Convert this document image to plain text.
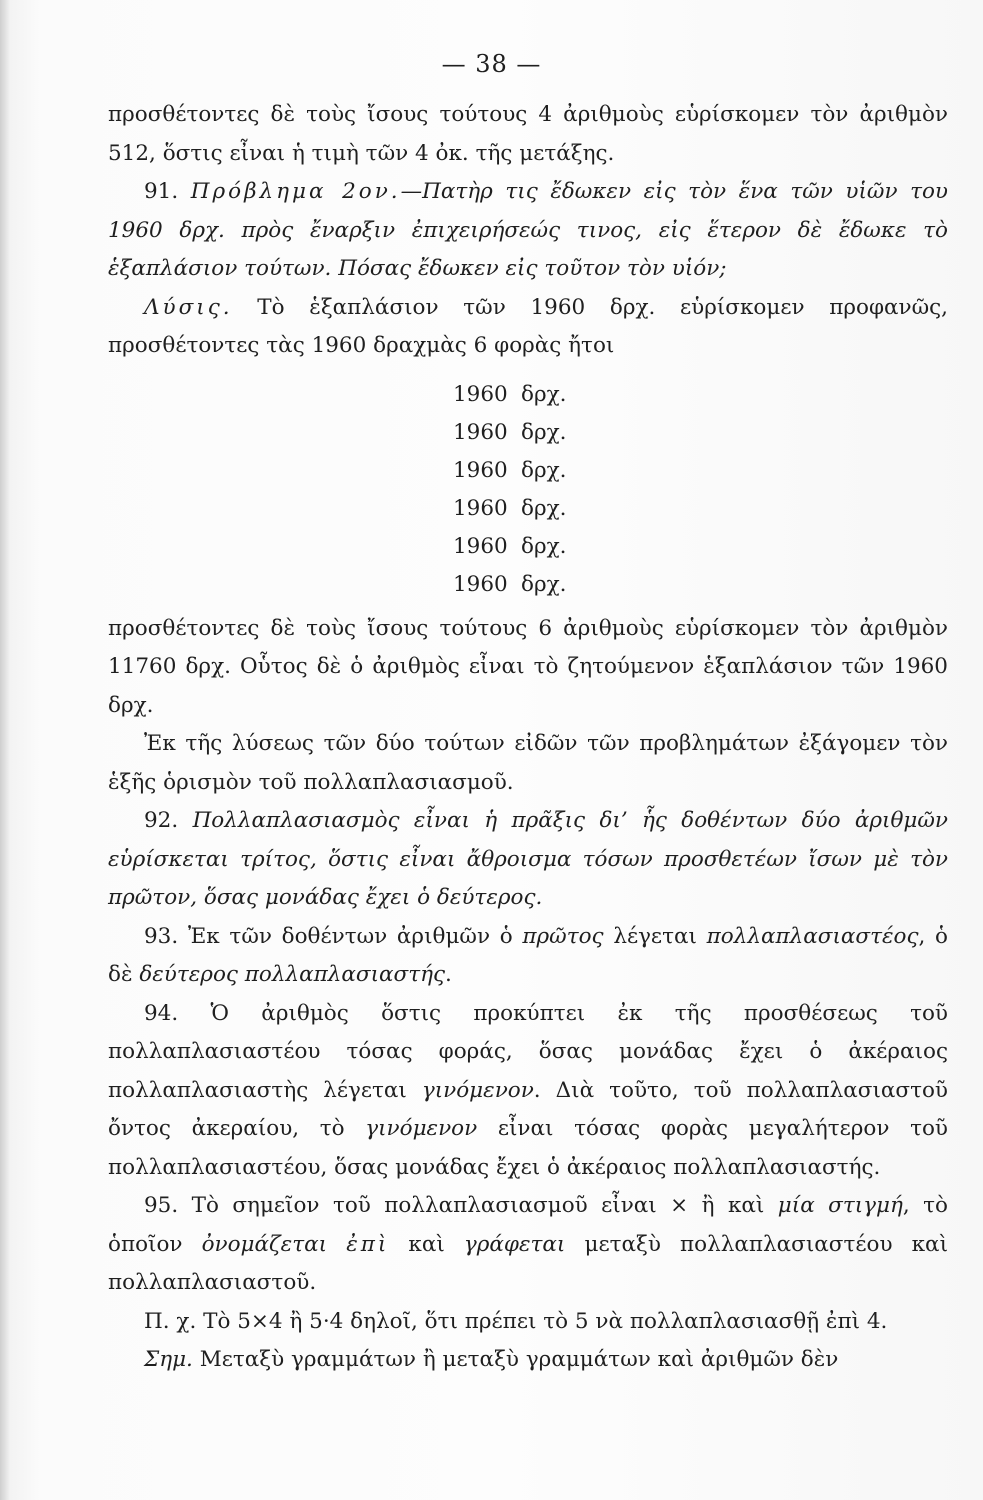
— 38 —

προσθέτοντες δὲ τοὺς ἴσους τούτους 4 ἀριθμοὺς εὑρίσκομεν τὸν ἀριθμὸν 512, ὅστις εἶναι ἡ τιμὴ τῶν 4 ὀκ. τῆς μετάξης.

91. Πρόβλημα 2ον.—Πατὴρ τις ἔδωκεν εἰς τὸν ἕνα τῶν υἱῶν του 1960 δρχ. πρὸς ἔναρξιν ἐπιχειρήσεώς τινος, εἰς ἕτερον δὲ ἔδωκε τὸ ἑξαπλάσιον τούτων. Πόσας ἔδωκεν εἰς τοῦτον τὸν υἱόν;

Λύσις. Τὸ ἑξαπλάσιον τῶν 1960 δρχ. εὑρίσκομεν προφανῶς, προσθέτοντες τὰς 1960 δραχμὰς 6 φορὰς ἤτοι

1960 δρχ.
1960 δρχ.
1960 δρχ.
1960 δρχ.
1960 δρχ.
1960 δρχ.

προσθέτοντες δὲ τοὺς ἴσους τούτους 6 ἀριθμοὺς εὑρίσκομεν τὸν ἀριθμὸν 11760 δρχ. Οὗτος δὲ ὁ ἀριθμὸς εἶναι τὸ ζητούμενον ἑξαπλάσιον τῶν 1960 δρχ.

Ἐκ τῆς λύσεως τῶν δύο τούτων εἰδῶν τῶν προβλημάτων ἐξάγομεν τὸν ἑξῆς ὁρισμὸν τοῦ πολλαπλασιασμοῦ.

92. Πολλαπλασιασμὸς εἶναι ἡ πρᾶξις δι’ ἧς δοθέντων δύο ἀριθμῶν εὑρίσκεται τρίτος, ὅστις εἶναι ἄθροισμα τόσων προσθετέων ἴσων μὲ τὸν πρῶτον, ὅσας μονάδας ἔχει ὁ δεύτερος.

93. Ἐκ τῶν δοθέντων ἀριθμῶν ὁ πρῶτος λέγεται πολλαπλασιαστέος, ὁ δὲ δεύτερος πολλαπλασιαστής.

94. Ὁ ἀριθμὸς ὅστις προκύπτει ἐκ τῆς προσθέσεως τοῦ πολλαπλασιαστέου τόσας φοράς, ὅσας μονάδας ἔχει ὁ ἀκέραιος πολλαπλασιαστὴς λέγεται γινόμενον. Διὰ τοῦτο, τοῦ πολλαπλασιαστοῦ ὄντος ἀκεραίου, τὸ γινόμενον εἶναι τόσας φορὰς μεγαλήτερον τοῦ πολλαπλασιαστέου, ὅσας μονάδας ἔχει ὁ ἀκέραιος πολλαπλασιαστής.

95. Τὸ σημεῖον τοῦ πολλαπλασιασμοῦ εἶναι × ἢ καὶ μία στιγμή, τὸ ὁποῖον ὀνομάζεται ἐπὶ καὶ γράφεται μεταξὺ πολλαπλασιαστέου καὶ πολλαπλασιαστοῦ.

Π. χ. Τὸ 5×4 ἢ 5·4 δηλοῖ, ὅτι πρέπει τὸ 5 νὰ πολλαπλασιασθῇ ἐπὶ 4.

Σημ. Μεταξὺ γραμμάτων ἢ μεταξὺ γραμμάτων καὶ ἀριθμῶν δὲν
